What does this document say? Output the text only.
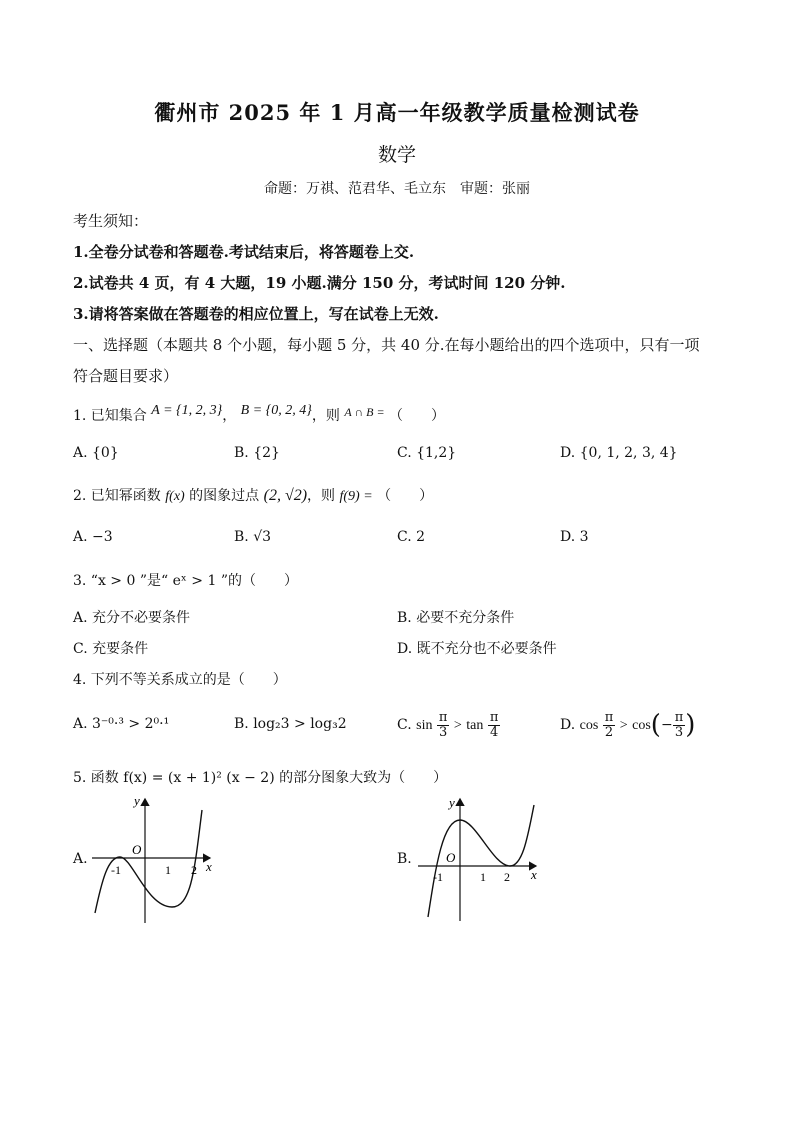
衢州市 2025 年 1 月高一年级教学质量检测试卷
数学
命题：万祺、范君华、毛立东　审题：张丽
考生须知：
1.全卷分试卷和答题卷.考试结束后，将答题卷上交.
2.试卷共 4 页，有 4 大题，19 小题.满分 150 分，考试时间 120 分钟.
3.请将答案做在答题卷的相应位置上，写在试卷上无效.
一、选择题（本题共 8 个小题，每小题 5 分，共 40 分.在每小题给出的四个选项中，只有一项
符合题目要求）
1. 已知集合 A = {1, 2, 3}， B = {0, 2, 4}，则 A ∩ B = （　　）
A. {0}	B. {2}	C. {1,2}	D. {0, 1, 2, 3, 4}
2. 已知幂函数 f(x) 的图象过点 (2, √2)，则 f(9) = （　　）
A. −3	B. √3	C. 2	D. 3
3. “x > 0 ”是“ eˣ > 1 ”的（　　）
A. 充分不必要条件	B. 必要不充分条件
C. 充要条件	D. 既不充分也不必要条件
4. 下列不等关系成立的是（　　）
A. 3⁻⁰·³ > 2⁰·¹	B. log₂3 > log₃2	C. $\sin \frac{\pi}{3} > \tan \frac{\pi}{4}$	D. $\cos \frac{\pi}{2} > \cos(- \frac{\pi}{3}$ )
5. 函数 f(x) = (x + 1)² (x − 2) 的部分图象大致为（　　）
A.	B.
y
x
O
-1	1 2
y
x
O
-1	1 2
